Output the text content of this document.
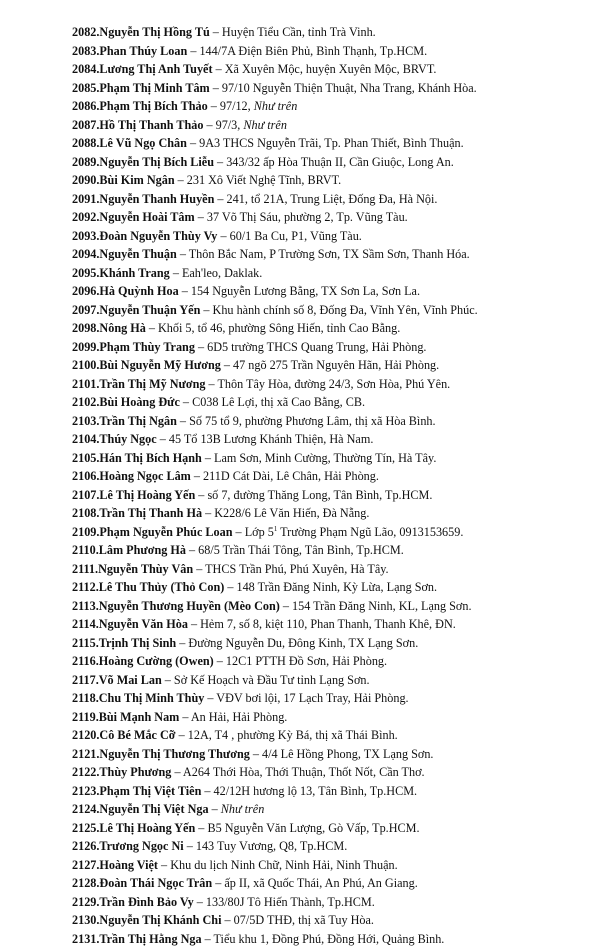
2082.Nguyễn Thị Hồng Tú – Huyện Tiểu Cần, tỉnh Trà Vinh.
2083.Phan Thúy Loan – 144/7A Điện Biên Phủ, Bình Thạnh, Tp.HCM.
2084.Lương Thị Anh Tuyết – Xã Xuyên Mộc, huyện Xuyên Mộc, BRVT.
2085.Phạm Thị Minh Tâm – 97/10 Nguyễn Thiện Thuật, Nha Trang, Khánh Hòa.
2086.Phạm Thị Bích Thảo – 97/12, Như trên
2087.Hồ Thị Thanh Thảo – 97/3, Như trên
2088.Lê Vũ Ngọ Chân – 9A3 THCS Nguyễn Trãi, Tp. Phan Thiết, Bình Thuận.
2089.Nguyễn Thị Bích Liễu – 343/32 ấp Hòa Thuận II, Cần Giuộc, Long An.
2090.Bùi Kim Ngân – 231 Xô Viết Nghệ Tĩnh, BRVT.
2091.Nguyễn Thanh Huyền – 241, tổ 21A, Trung Liệt, Đống Đa, Hà Nội.
2092.Nguyễn Hoài Tâm – 37 Võ Thị Sáu, phường 2, Tp. Vũng Tàu.
2093.Đoàn Nguyễn Thùy Vy – 60/1 Ba Cu, P1, Vũng Tàu.
2094.Nguyễn Thuận – Thôn Bắc Nam, P Trường Sơn, TX Sầm Sơn, Thanh Hóa.
2095.Khánh Trang – Eah'leo, Daklak.
2096.Hà Quỳnh Hoa – 154 Nguyễn Lương Bằng, TX Sơn La, Sơn La.
2097.Nguyễn Thuận Yến – Khu hành chính số 8, Đống Đa, Vĩnh Yên, Vĩnh Phúc.
2098.Nông Hà – Khối 5, tổ 46, phường Sông Hiến, tỉnh Cao Bằng.
2099.Phạm Thùy Trang – 6D5 trường THCS Quang Trung, Hải Phòng.
2100.Bùi Nguyễn Mỹ Hương – 47 ngõ 275 Trần Nguyên Hãn, Hải Phòng.
2101.Trần Thị Mỹ Nương – Thôn Tây Hòa, đường 24/3, Sơn Hòa, Phú Yên.
2102.Bùi Hoàng Đức – C038 Lê Lợi, thị xã Cao Bằng, CB.
2103.Trần Thị Ngân – Số 75 tổ 9, phường Phương Lâm, thị xã Hòa Bình.
2104.Thúy Ngọc – 45 Tổ 13B Lương Khánh Thiện, Hà Nam.
2105.Hán Thị Bích Hạnh – Lam Sơn, Minh Cường, Thường Tín, Hà Tây.
2106.Hoàng Ngọc Lâm – 211D Cát Dài, Lê Chân, Hải Phòng.
2107.Lê Thị Hoàng Yến – số 7, đường Thăng Long, Tân Bình, Tp.HCM.
2108.Trần Thị Thanh Hà – K228/6 Lê Văn Hiến, Đà Nẵng.
2109.Phạm Nguyễn Phúc Loan – Lớp $5^1$ Trường Phạm Ngũ Lão, 0913153659.
2110.Lâm Phương Hà – 68/5 Trần Thái Tông, Tân Bình, Tp.HCM.
2111.Nguyễn Thùy Vân – THCS Trần Phú, Phú Xuyên, Hà Tây.
2112.Lê Thu Thủy (Thỏ Con) – 148 Trần Đăng Ninh, Kỳ Lừa, Lạng Sơn.
2113.Nguyễn Thương Huyền (Mèo Con) – 154 Trần Đăng Ninh, KL, Lạng Sơn.
2114.Nguyễn Văn Hòa – Hẻm 7, số 8, kiệt 110, Phan Thanh, Thanh Khê, ĐN.
2115.Trịnh Thị Sinh – Đường Nguyễn Du, Đông Kinh, TX Lạng Sơn.
2116.Hoàng Cường (Owen) – 12C1 PTTH Đồ Sơn, Hải Phòng.
2117.Võ Mai Lan – Sở Kế Hoạch và Đầu Tư tỉnh Lạng Sơn.
2118.Chu Thị Minh Thùy – VĐV bơi lội, 17 Lạch Tray, Hải Phòng.
2119.Bùi Mạnh Nam – An Hải, Hải Phòng.
2120.Cô Bé Mắc Cỡ – 12A, T4 , phường Kỳ Bá, thị xã Thái Bình.
2121.Nguyễn Thị Thương Thương – 4/4 Lê Hồng Phong, TX Lạng Sơn.
2122.Thùy Phương – A264 Thới Hòa, Thới Thuận, Thốt Nốt, Cần Thơ.
2123.Phạm Thị Việt Tiên – 42/12H hương lộ 13, Tân Bình, Tp.HCM.
2124.Nguyễn Thị Việt Nga – Như trên
2125.Lê Thị Hoàng Yến – B5 Nguyễn Văn Lượng, Gò Vấp, Tp.HCM.
2126.Trương Ngọc Ni – 143 Tuy Vương, Q8, Tp.HCM.
2127.Hoàng Việt – Khu du lịch Ninh Chữ, Ninh Hải, Ninh Thuận.
2128.Đoàn Thái Ngọc Trân – ấp II, xã Quốc Thái, An Phú, An Giang.
2129.Trần Đình Bảo Vy – 133/80J Tô Hiến Thành, Tp.HCM.
2130.Nguyễn Thị Khánh Chi – 07/5D THĐ, thị xã Tuy Hòa.
2131.Trần Thị Hằng Nga – Tiểu khu 1, Đồng Phú, Đồng Hới, Quảng Bình.
